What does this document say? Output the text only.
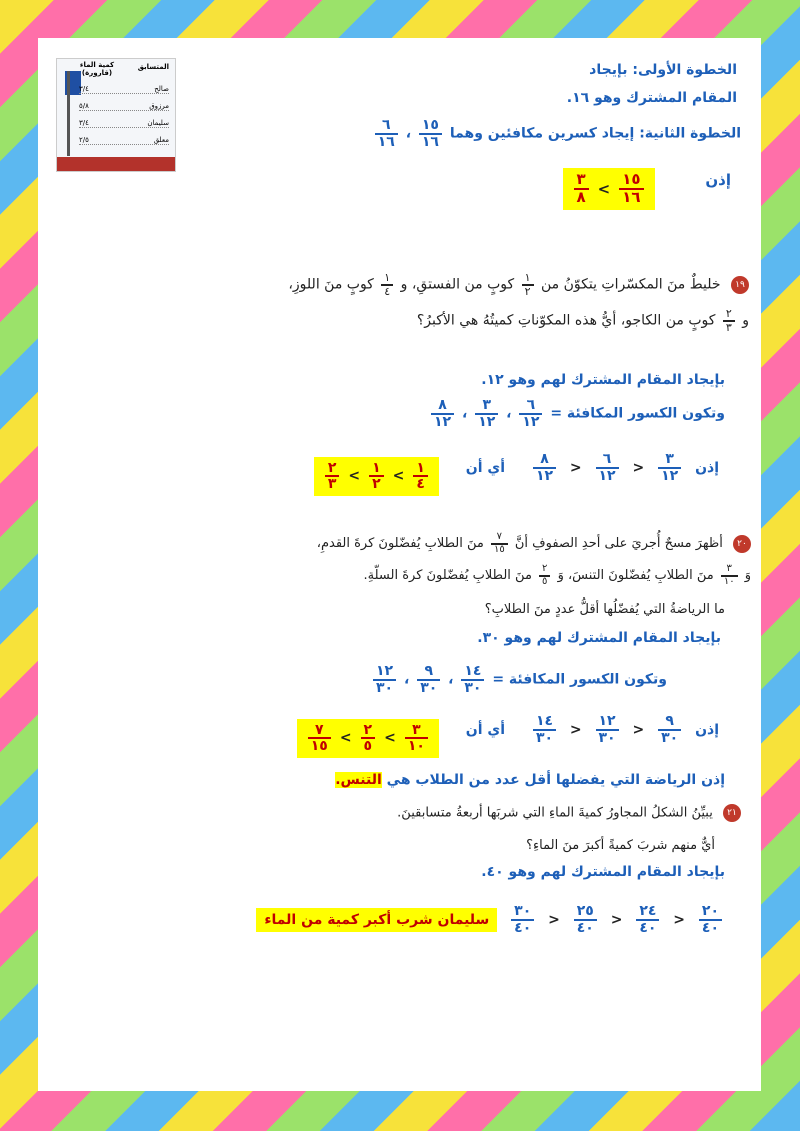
المتسابق
كمية الماء (قارورة)
صالح
٣/٤
مرزوق
٥/٨
سليمان
٣/٤
معلق
٢/٥
الخطوة الأولى: بإيجاد
المقام المشترك وهو ١٦.
الخطوة الثانية: إيجاد كسرين مكافئين وهما
١٥
١٦
،
٦
١٦
إذن
١٥
١٦
<
٣
٨
١٩ خليطٌ منَ المكسّراتِ يتكوّنُ من
١
٢
كوبٍ من الفستقِ، و
١
٤
كوبٍ منَ اللوزِ،
و
٢
٣
كوبٍ من الكاجو، أيُّ هذه المكوّناتِ كميتُهُ هي الأكبرُ؟
بإيجاد المقام المشترك لهم وهو ١٢.
وتكون الكسور المكافئة =
٦
١٢
،
٣
١٢
،
٨
١٢
إذن
٣
١٢
<
٦
١٢
<
٨
١٢
أي أن
١
٤
>
١
٢
>
٢
٣
٢٠ أظهرَ مسحٌ أُجريَ على أحدِ الصفوفِ أنَّ
٧
١٥
منَ الطلابِ يُفضّلونَ كرةَ القدمِ،
وَ
٣
١٠
منَ الطلابِ يُفضّلونَ التنسَ، وَ
٢
٥
منَ الطلابِ يُفضّلونَ كرةَ السلّةِ.
ما الرياضةُ التي يُفضّلُها أقلُّ عددٍ منَ الطلابِ؟
بإيجاد المقام المشترك لهم وهو ٣٠.
وتكون الكسور المكافئة =
١٤
٣٠
،
٩
٣٠
،
١٢
٣٠
إذن
٩
٣٠
<
١٢
٣٠
<
١٤
٣٠
أي أن
٣
١٠
>
٢
٥
>
٧
١٥
إذن الرياضة التي يفضلها أقل عدد من الطلاب هي التنس.
٢١ يبيِّنُ الشكلُ المجاورُ كميةَ الماءِ التي شربَها أربعةُ متسابقينَ.
أيٌّ منهم شربَ كميةً أكبرَ منَ الماءِ؟
بإيجاد المقام المشترك لهم وهو ٤٠.
٢٠
٤٠
<
٢٤
٤٠
<
٢٥
٤٠
<
٣٠
٤٠
سليمان شرب أكبر كمية من الماء
